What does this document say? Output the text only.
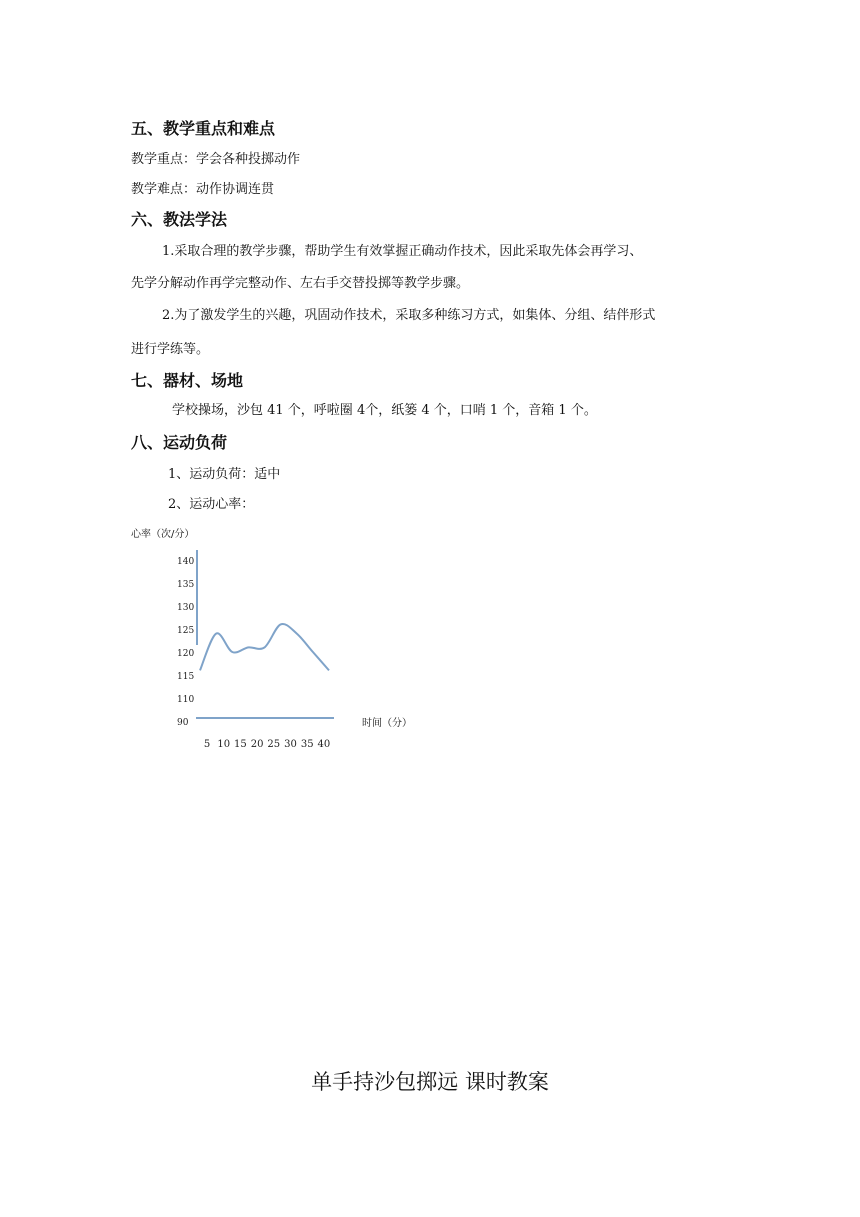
五、教学重点和难点
教学重点：学会各种投掷动作
教学难点：动作协调连贯
六、教法学法
1.采取合理的教学步骤，帮助学生有效掌握正确动作技术，因此采取先体会再学习、
先学分解动作再学完整动作、左右手交替投掷等教学步骤。
2.为了激发学生的兴趣，巩固动作技术，采取多种练习方式，如集体、分组、结伴形式
进行学练等。
七、器材、场地
学校操场，沙包 41 个，呼啦圈 4个，纸篓 4 个，口哨 1 个，音箱 1 个。
八、运动负荷
1、运动负荷：适中
2、运动心率：
心率（次/分）
140
135
130
125
120
115
110
90
5 10 15 20 25 30 35 40
时间（分）
单手持沙包掷远 课时教案
